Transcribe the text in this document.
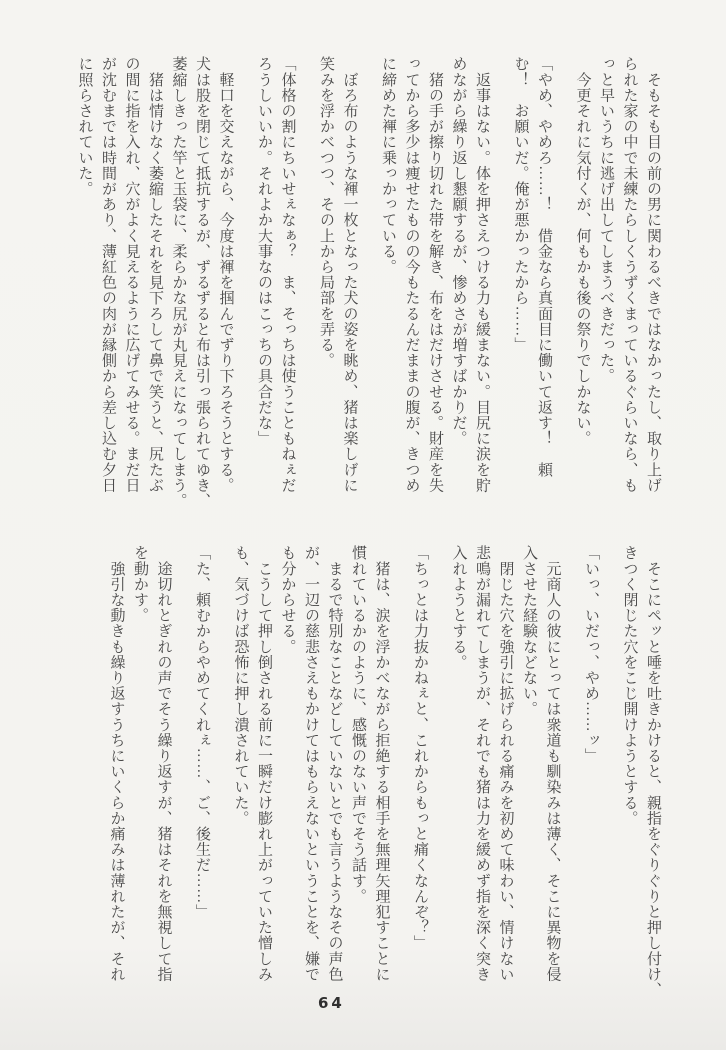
　そもそも目の前の男に関わるべきではなかったし、取り上げ
られた家の中で未練たらしくうずくまっているぐらいなら、も
っと早いうちに逃げ出してしまうべきだった。
　今更それに気付くが、何もかも後の祭りでしかない。
「やめ、やめろ……！　借金なら真面目に働いて返す！　頼
む！　お願いだ。俺が悪かったから……」
　返事はない。体を押さえつける力も緩まない。目尻に涙を貯
めながら繰り返し懇願するが、惨めさが増すばかりだ。
　猪の手が擦り切れた帯を解き、布をはだけさせる。財産を失
ってから多少は痩せたものの今もたるんだままの腹が、きつめ
に締めた褌に乗っかっている。
　ぼろ布のような褌一枚となった犬の姿を眺め、猪は楽しげに
笑みを浮かべつつ、その上から局部を弄る。
「体格の割にちいせぇなぁ？　ま、そっちは使うこともねぇだ
ろうしいいか。それよか大事なのはこっちの具合だな」
　軽口を交えながら、今度は褌を掴んでずり下ろそうとする。
犬は股を閉じて抵抗するが、ずるずると布は引っ張られてゆき、
萎縮しきった竿と玉袋に、柔らかな尻が丸見えになってしまう。
　猪は情けなく萎縮したそれを見下ろして鼻で笑うと、尻たぶ
の間に指を入れ、穴がよく見えるように広げてみせる。まだ日
が沈むまでは時間があり、薄紅色の肉が縁側から差し込む夕日
に照らされていた。
　そこにペッと唾を吐きかけると、親指をぐりぐりと押し付け、
きつく閉じた穴をこじ開けようとする。
「いっ、いだっ、やめ……ッ」
　元商人の彼にとっては衆道も馴染みは薄く、そこに異物を侵
入させた経験などない。
　閉じた穴を強引に拡げられる痛みを初めて味わい、情けない
悲鳴が漏れてしまうが、それでも猪は力を緩めず指を深く突き
入れようとする。
「ちっとは力抜かねぇと、これからもっと痛くなんぞ？」
　猪は、涙を浮かべながら拒絶する相手を無理矢理犯すことに
慣れているかのように、感慨のない声でそう話す。
　まるで特別なことなどしていないとでも言うようなその声色
が、一辺の慈悲さえもかけてはもらえないということを、嫌で
も分からせる。
　こうして押し倒される前に一瞬だけ膨れ上がっていた憎しみ
も、気づけば恐怖に押し潰されていた。
「た、頼むからやめてくれぇ……、ご、後生だ……」
　途切れとぎれの声でそう繰り返すが、猪はそれを無視して指
を動かす。
　強引な動きも繰り返すうちにいくらか痛みは薄れたが、それ
64
